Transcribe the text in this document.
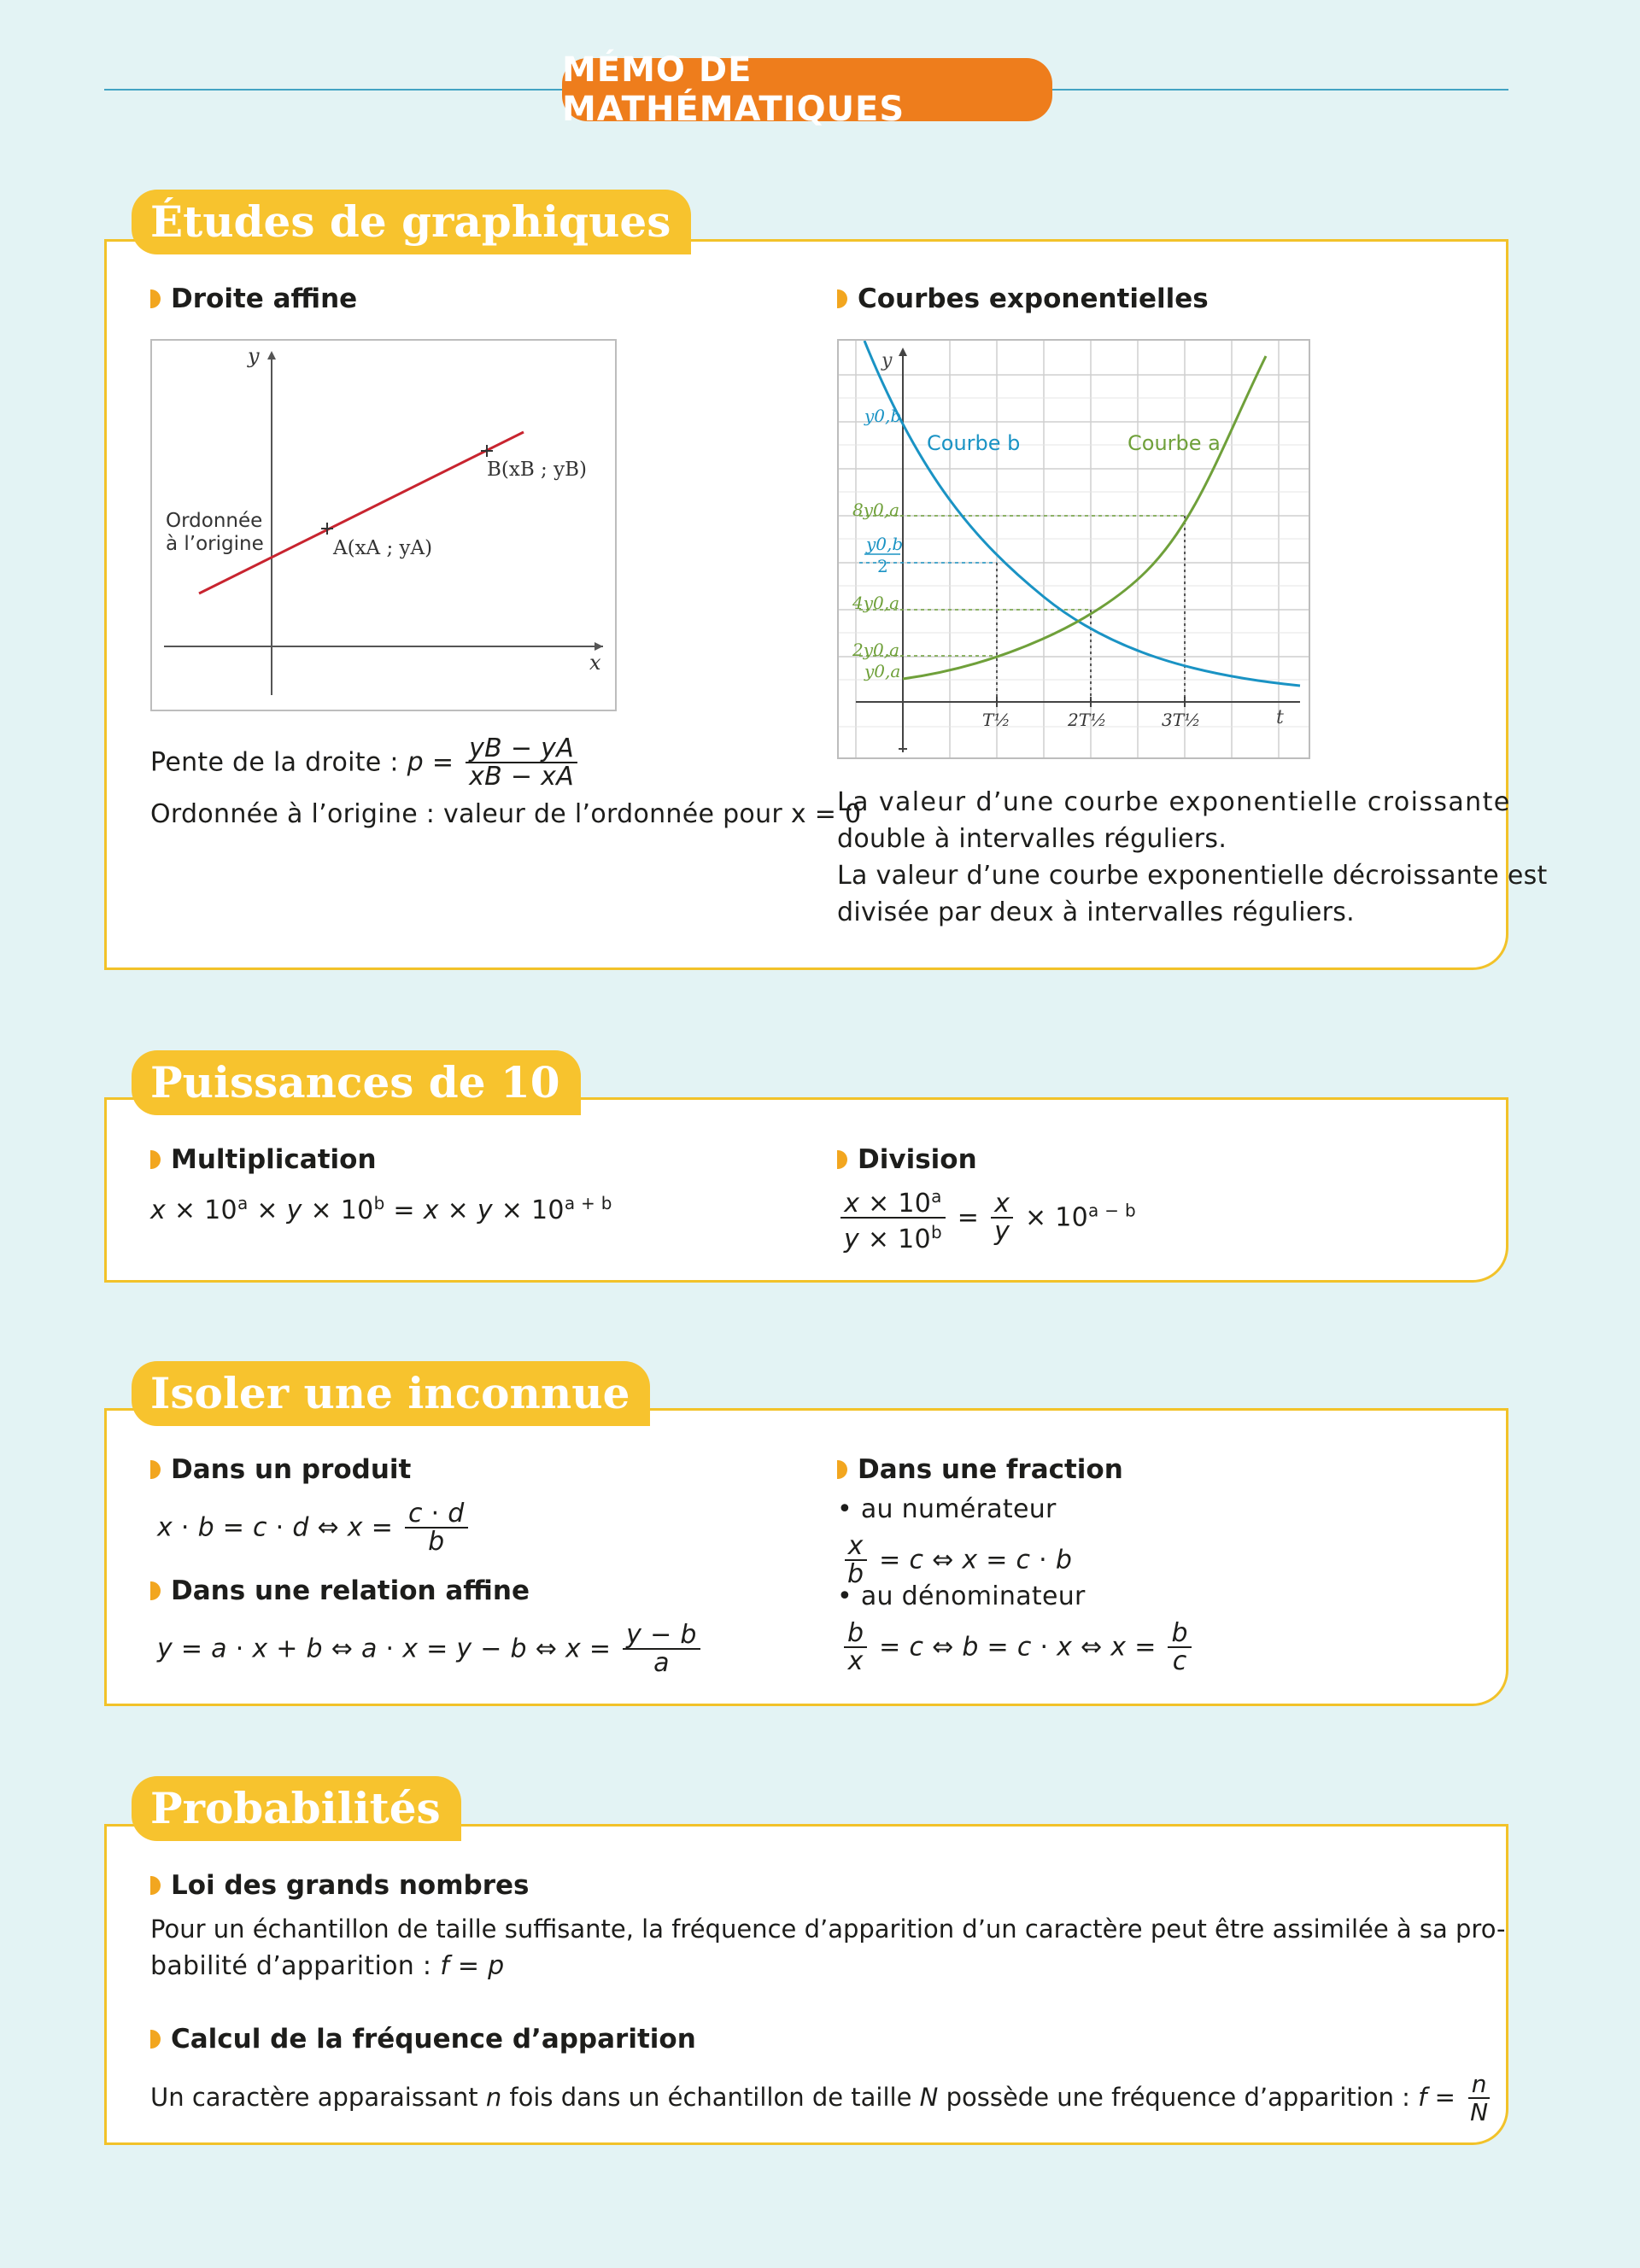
MÉMO DE MATHÉMATIQUES
Études de graphiques
Droite affine
y
x
Ordonnée
à l’origine
B(xB ; yB)
A(xA ; yA)
Pente de la droite : $p = \frac{yB - yA}{xB - xA}$
Ordonnée à l’origine : valeur de l’ordonnée pour x = 0
Courbes exponentielles
y
t
Courbe b	Courbe a
y0,b
8y0,a
y0,b
2
4y0,a
2y0,a
y0,a
T½	2T½	3T½
La valeur d’une courbe exponentielle croissante
double à intervalles réguliers.
La valeur d’une courbe exponentielle décroissante est
divisée par deux à intervalles réguliers.
Puissances de 10
Multiplication
$x \times 10^a \times y \times 10^b = x \times y \times 10^{a + b}$
Division
$\frac{x \times 10^a}{y \times 10^b} = \frac{x}{y} \times 10^{a - b}$
Isoler une inconnue
Dans un produit
x · b = c · d ⇔ $x = \frac{c \cdot d}{b}$
Dans une relation affine
y = a · x + b ⇔ a · x = y − b ⇔ $x = \frac{y - b}{a}$
Dans une fraction
• au numérateur
$\frac{x}{b} = c$ ⇔ x = c · b
• au dénominateur
$\frac{b}{x} = c$ ⇔ b = c · x ⇔ $x = \frac{b}{c}$
Probabilités
Loi des grands nombres
Pour un échantillon de taille suffisante, la fréquence d’apparition d’un caractère peut être assimilée à sa pro-
babilité d’apparition : f = p
Calcul de la fréquence d’apparition
Un caractère apparaissant n fois dans un échantillon de taille N possède une fréquence d’apparition : $f = \frac{n}{N}$
